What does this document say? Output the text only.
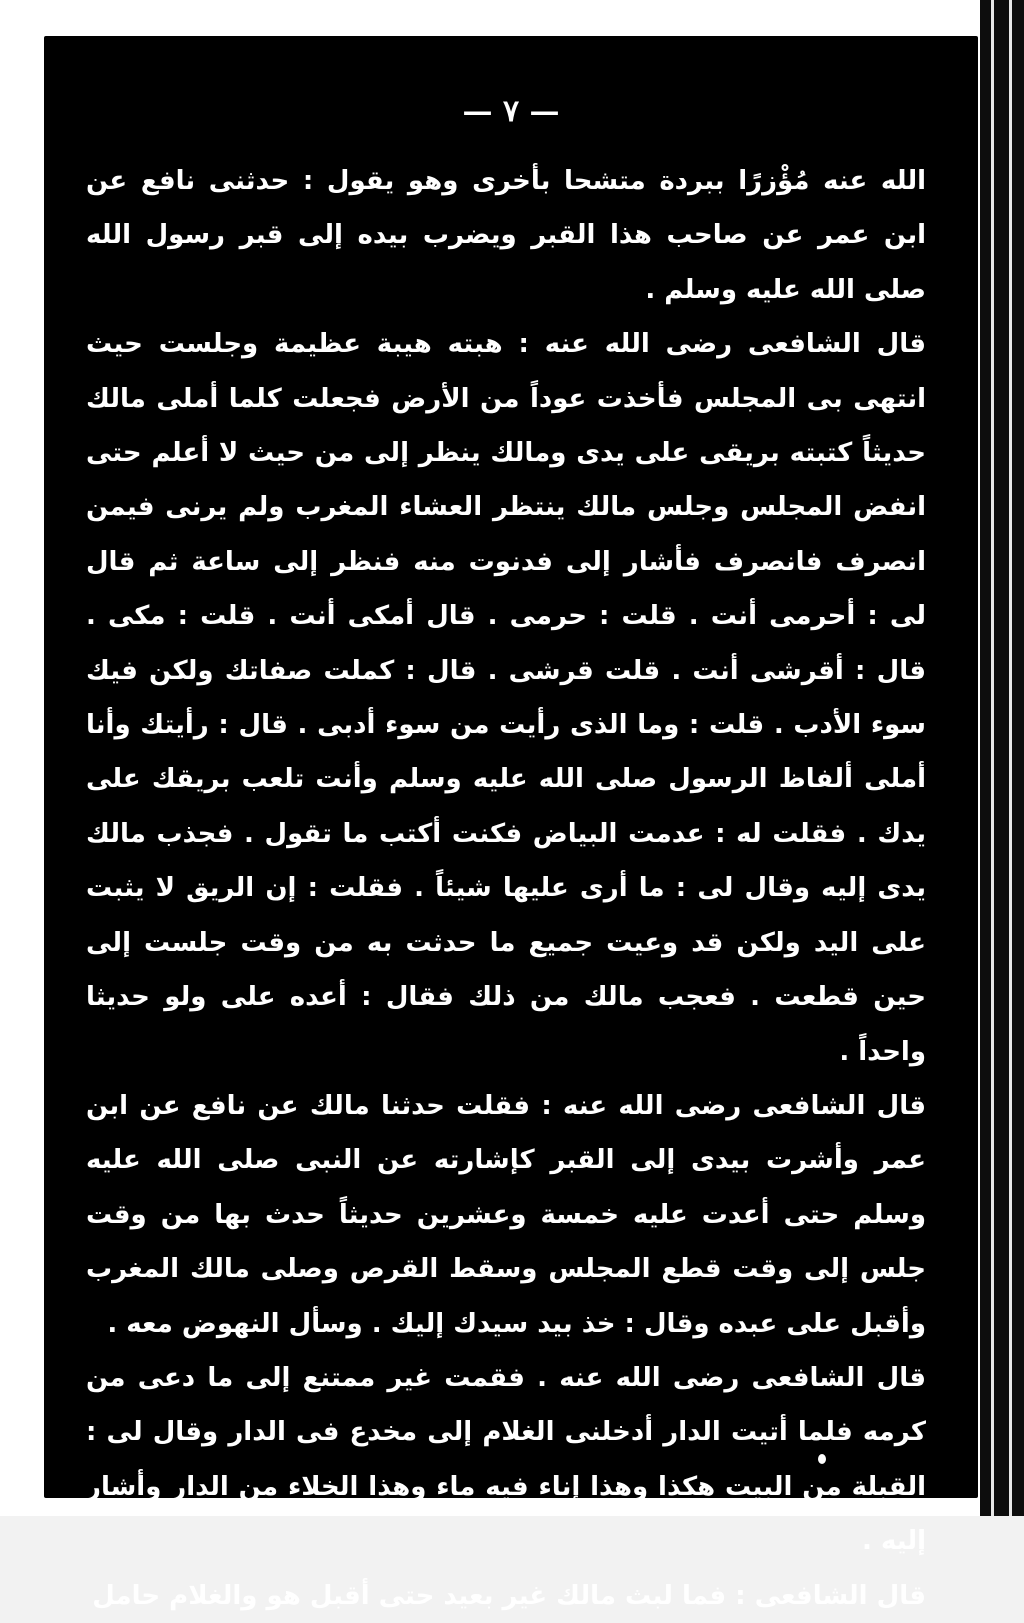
— ٧ —

الله عنه مُؤْزرًا ببردة متشحا بأخرى وهو يقول : حدثنى نافع عن ابن عمر عن صاحب هذا القبر ويضرب بيده إلى قبر رسول الله صلى الله عليه وسلم .

قال الشافعى رضى الله عنه : هبته هيبة عظيمة وجلست حيث انتهى بى المجلس فأخذت عوداً من الأرض فجعلت كلما أملى مالك حديثاً كتبته بريقى على يدى ومالك ينظر إلى من حيث لا أعلم حتى انفض المجلس وجلس مالك ينتظر العشاء المغرب ولم يرنى فيمن انصرف فانصرف فأشار إلى فدنوت منه فنظر إلى ساعة ثم قال لى : أحرمى أنت . قلت : حرمى . قال أمكى أنت . قلت : مكى . قال : أقرشى أنت . قلت قرشى . قال : كملت صفاتك ولكن فيك سوء الأدب . قلت : وما الذى رأيت من سوء أدبى . قال : رأيتك وأنا أملى ألفاظ الرسول صلى الله عليه وسلم وأنت تلعب بريقك على يدك . فقلت له : عدمت البياض فكنت أكتب ما تقول . فجذب مالك يدى إليه وقال لى : ما أرى عليها شيئاً . فقلت : إن الريق لا يثبت على اليد ولكن قد وعيت جميع ما حدثت به من وقت جلست إلى حين قطعت . فعجب مالك من ذلك فقال : أعده على ولو حديثا واحداً .

قال الشافعى رضى الله عنه : فقلت حدثنا مالك عن نافع عن ابن عمر وأشرت بيدى إلى القبر كإشارته عن النبى صلى الله عليه وسلم حتى أعدت عليه خمسة وعشرين حديثاً حدث بها من وقت جلس إلى وقت قطع المجلس وسقط القرص وصلى مالك المغرب وأقبل على عبده وقال : خذ بيد سيدك إليك . وسأل النهوض معه .

قال الشافعى رضى الله عنه . فقمت غير ممتنع إلى ما دعى من كرمه فلما أتيت الدار أدخلنى الغلام إلى مخدع فى الدار وقال لى : القبلة من البيت هكذا وهذا إناء فيه ماء وهذا الخلاء من الدار وأشار إليه .

قال الشافعى : فما لبث مالك غير بعيد حتى أقبل هو والغلام حامل
